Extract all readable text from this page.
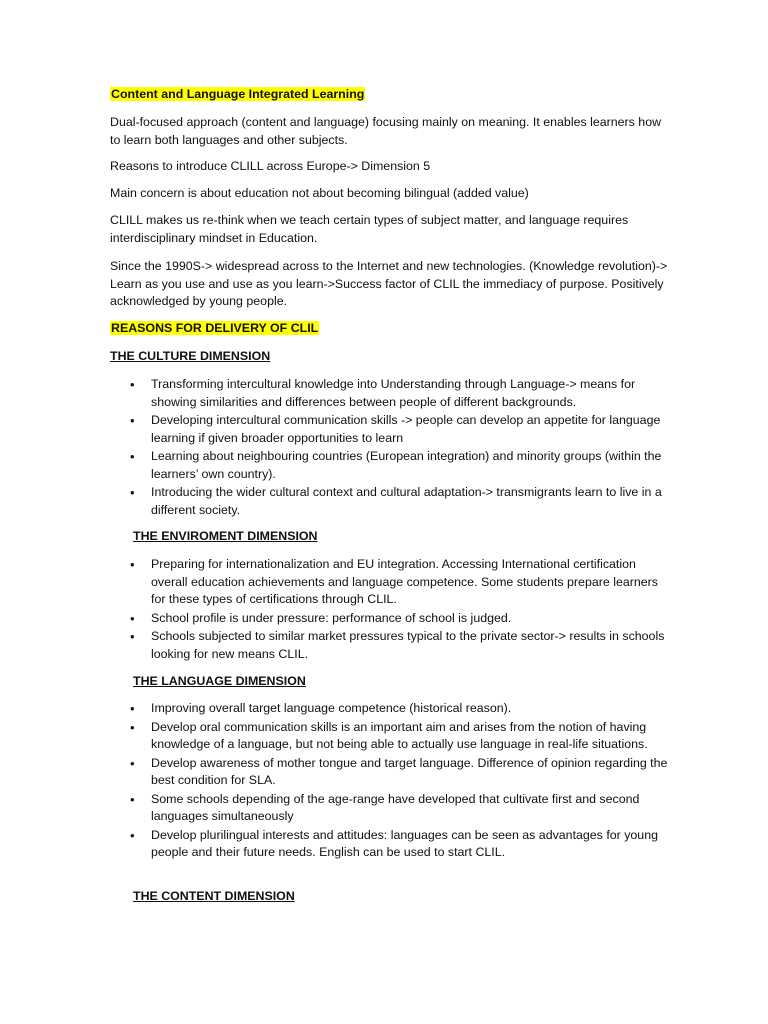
Content and Language Integrated Learning

Dual-focused approach (content and language) focusing mainly on meaning. It enables learners how to learn both languages and other subjects.

Reasons to introduce CLILL across Europe-> Dimension 5

Main concern is about education not about becoming bilingual (added value)

CLILL makes us re-think when we teach certain types of subject matter, and language requires interdisciplinary mindset in Education.

Since the 1990S-> widespread across to the Internet and new technologies. (Knowledge revolution)-> Learn as you use and use as you learn->Success factor of CLIL the immediacy of purpose. Positively acknowledged by young people.

REASONS FOR DELIVERY OF CLIL

THE CULTURE DIMENSION

• Transforming intercultural knowledge into Understanding through Language-> means for showing similarities and differences between people of different backgrounds.
• Developing intercultural communication skills -> people can develop an appetite for language learning if given broader opportunities to learn
• Learning about neighbouring countries (European integration) and minority groups (within the learners’ own country).
• Introducing the wider cultural context and cultural adaptation-> transmigrants learn to live in a different society.

THE ENVIROMENT DIMENSION

• Preparing for internationalization and EU integration. Accessing International certification overall education achievements and language competence. Some students prepare learners for these types of certifications through CLIL.
• School profile is under pressure: performance of school is judged.
• Schools subjected to similar market pressures typical to the private sector-> results in schools looking for new means CLIL.

THE LANGUAGE DIMENSION

• Improving overall target language competence (historical reason).
• Develop oral communication skills is an important aim and arises from the notion of having knowledge of a language, but not being able to actually use language in real-life situations.
• Develop awareness of mother tongue and target language. Difference of opinion regarding the best condition for SLA.
• Some schools depending of the age-range have developed that cultivate first and second languages simultaneously
• Develop plurilingual interests and attitudes: languages can be seen as advantages for young people and their future needs. English can be used to start CLIL.

THE CONTENT DIMENSION
